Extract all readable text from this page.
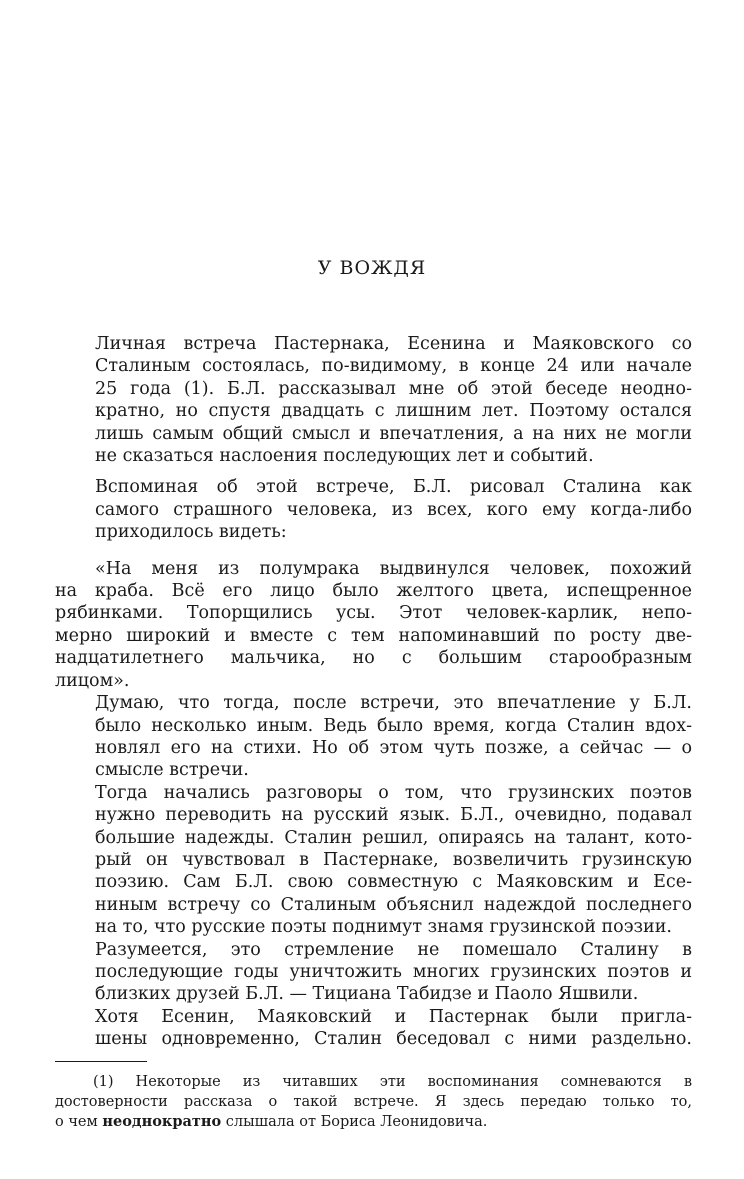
У ВОЖДЯ

Личная встреча Пастернака, Есенина и Маяковского со
Сталиным состоялась, по-видимому, в конце 24 или начале
25 года (1). Б.Л. рассказывал мне об этой беседе неодно-
кратно, но спустя двадцать с лишним лет. Поэтому остался
лишь самым общий смысл и впечатления, а на них не могли
не сказаться наслоения последующих лет и событий.

Вспоминая об этой встрече, Б.Л. рисовал Сталина как
самого страшного человека, из всех, кого ему когда-либо
приходилось видеть:

«На меня из полумрака выдвинулся человек, похожий
на краба. Всё его лицо было желтого цвета, испещренное
рябинками. Топорщились усы. Этот человек-карлик, непо-
мерно широкий и вместе с тем напоминавший по росту две-
надцатилетнего мальчика, но с большим старообразным
лицом».

Думаю, что тогда, после встречи, это впечатление у Б.Л.
было несколько иным. Ведь было время, когда Сталин вдох-
новлял его на стихи. Но об этом чуть позже, а сейчас — о
смысле встречи.

Тогда начались разговоры о том, что грузинских поэтов
нужно переводить на русский язык. Б.Л., очевидно, подавал
большие надежды. Сталин решил, опираясь на талант, кото-
рый он чувствовал в Пастернаке, возвеличить грузинскую
поэзию. Сам Б.Л. свою совместную с Маяковским и Есе-
ниным встречу со Сталиным объяснил надеждой последнего
на то, что русские поэты поднимут знамя грузинской поэзии.

Разумеется, это стремление не помешало Сталину в
последующие годы уничтожить многих грузинских поэтов и
близких друзей Б.Л. — Тициана Табидзе и Паоло Яшвили.

Хотя Есенин, Маяковский и Пастернак были пригла-
шены одновременно, Сталин беседовал с ними раздельно.

(1) Некоторые из читавших эти воспоминания сомневаются в
достоверности рассказа о такой встрече. Я здесь передаю только то,
о чем неоднократно слышала от Бориса Леонидовича.
